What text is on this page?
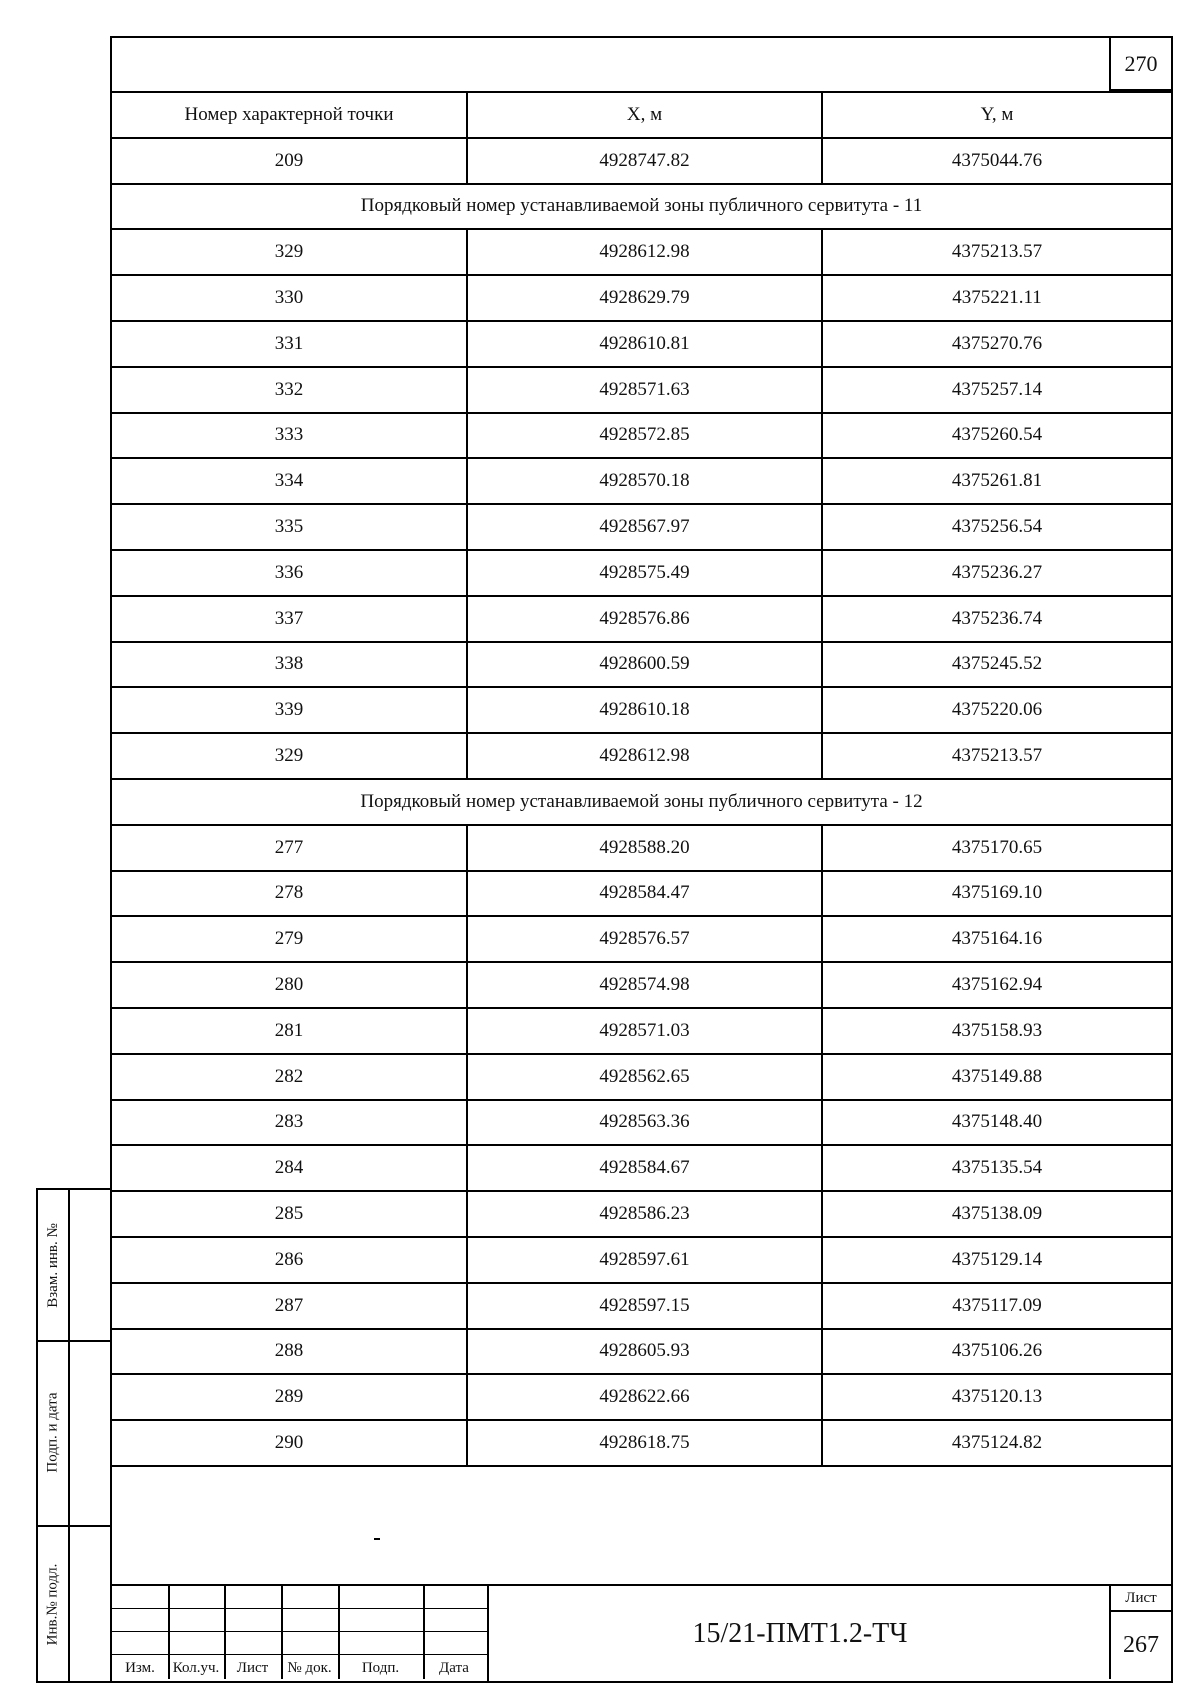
270
Номер характерной точки	X, м	Y, м
209	4928747.82	4375044.76
Порядковый номер устанавливаемой зоны публичного сервитута - 11		
329	4928612.98	4375213.57
330	4928629.79	4375221.11
331	4928610.81	4375270.76
332	4928571.63	4375257.14
333	4928572.85	4375260.54
334	4928570.18	4375261.81
335	4928567.97	4375256.54
336	4928575.49	4375236.27
337	4928576.86	4375236.74
338	4928600.59	4375245.52
339	4928610.18	4375220.06
329	4928612.98	4375213.57
Порядковый номер устанавливаемой зоны публичного сервитута - 12		
277	4928588.20	4375170.65
278	4928584.47	4375169.10
279	4928576.57	4375164.16
280	4928574.98	4375162.94
281	4928571.03	4375158.93
282	4928562.65	4375149.88
283	4928563.36	4375148.40
284	4928584.67	4375135.54
285	4928586.23	4375138.09
286	4928597.61	4375129.14
287	4928597.15	4375117.09
288	4928605.93	4375106.26
289	4928622.66	4375120.13
290	4928618.75	4375124.82
Изм.	Кол.уч.	Лист	№ док.	Подп.	Дата
15/21-ПМТ1.2-ТЧ
Лист
267
Взам. инв. №
Подп. и дата
Инв.№ подл.
